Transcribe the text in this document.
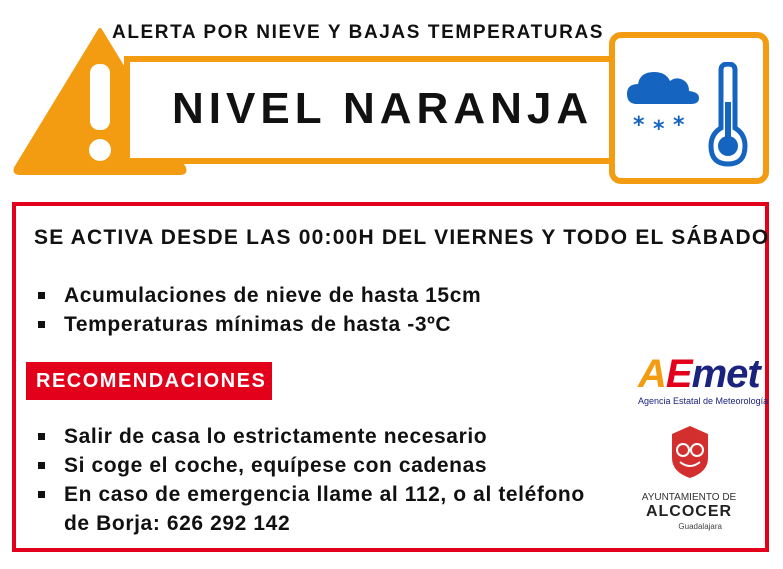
ALERTA POR NIEVE Y BAJAS TEMPERATURAS
NIVEL NARANJA * * *
SE ACTIVA DESDE LAS 00:00H DEL VIERNES Y TODO EL SÁBADO
Acumulaciones de nieve de hasta 15cm
Temperaturas mínimas de hasta -3ºC
RECOMENDACIONES
Salir de casa lo estrictamente necesario
Si coge el coche, equípese con cadenas
En caso de emergencia llame al 112, o al teléfono de Borja: 626 292 142
AEmet
Agencia Estatal de Meteorología
AYUNTAMIENTO DE
ALCOCER
Guadalajara
